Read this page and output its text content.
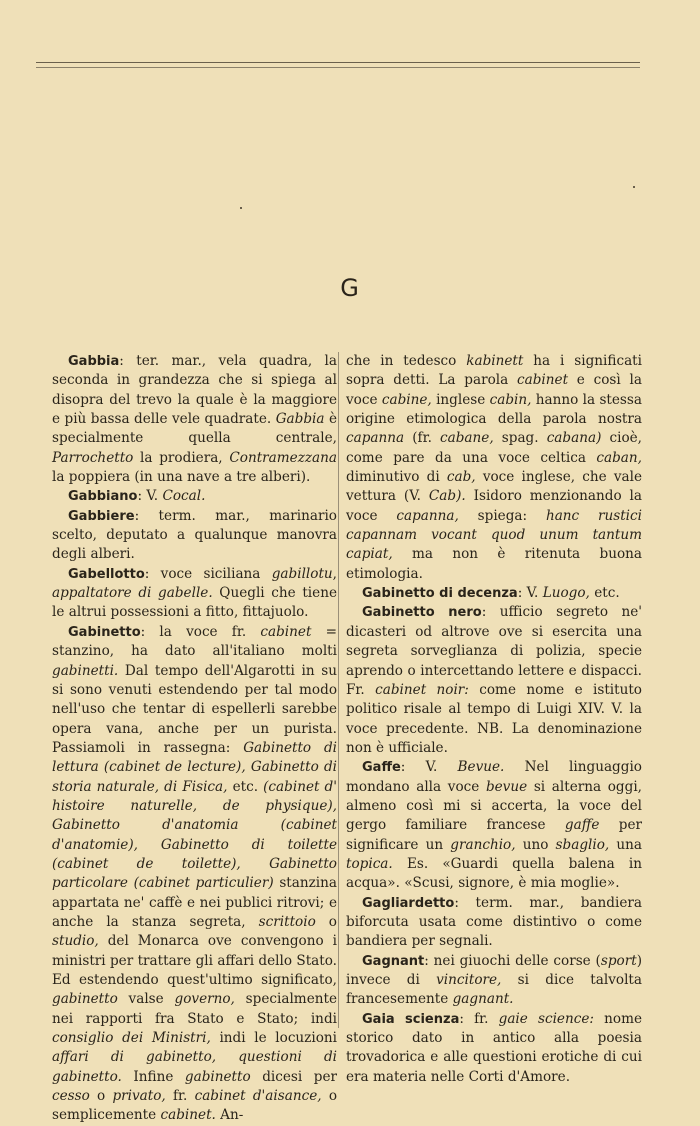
G

Gabbia: ter. mar., vela quadra, la seconda in grandezza che si spiega al disopra del trevo la quale è la maggiore e più bassa delle vele quadrate. Gabbia è specialmente quella centrale, Parrochetto la prodiera, Contramezzana la poppiera (in una nave a tre alberi).

Gabbiano: V. Cocal.

Gabbiere: term. mar., marinario scelto, deputato a qualunque manovra degli alberi.

Gabellotto: voce siciliana gabillotu, appaltatore di gabelle. Quegli che tiene le altrui possessioni a fitto, fittajuolo.

Gabinetto: la voce fr. cabinet = stanzino, ha dato all'italiano molti gabinetti. Dal tempo dell'Algarotti in su si sono venuti estendendo per tal modo nell'uso che tentar di espellerli sarebbe opera vana, anche per un purista. Passiamoli in rassegna: Gabinetto di lettura (cabinet de lecture), Gabinetto di storia naturale, di Fisica, etc. (cabinet d' histoire naturelle, de physique), Gabinetto d'anatomia (cabinet d'anatomie), Gabinetto di toilette (cabinet de toilette), Gabinetto particolare (cabinet particulier) stanzina appartata ne' caffè e nei publici ritrovi; e anche la stanza segreta, scrittoio o studio, del Monarca ove convengono i ministri per trattare gli affari dello Stato. Ed estendendo quest'ultimo significato, gabinetto valse governo, specialmente nei rapporti fra Stato e Stato; indi consiglio dei Ministri, indi le locuzioni affari di gabinetto, questioni di gabinetto. Infine gabinetto dicesi per cesso o privato, fr. cabinet d'aisance, o semplicemente cabinet. An-

che in tedesco kabinett ha i significati sopra detti. La parola cabinet e così la voce cabine, inglese cabin, hanno la stessa origine etimologica della parola nostra capanna (fr. cabane, spag. cabana) cioè, come pare da una voce celtica caban, diminutivo di cab, voce inglese, che vale vettura (V. Cab). Isidoro menzionando la voce capanna, spiega: hanc rustici capannam vocant quod unum tantum capiat, ma non è ritenuta buona etimologia.

Gabinetto di decenza: V. Luogo, etc.

Gabinetto nero: ufficio segreto ne' dicasteri od altrove ove si esercita una segreta sorveglianza di polizia, specie aprendo o intercettando lettere e dispacci. Fr. cabinet noir: come nome e istituto politico risale al tempo di Luigi XIV. V. la voce precedente. NB. La denominazione non è ufficiale.

Gaffe: V. Bevue. Nel linguaggio mondano alla voce bevue si alterna oggi, almeno così mi si accerta, la voce del gergo familiare francese gaffe per significare un granchio, uno sbaglio, una topica. Es. «Guardi quella balena in acqua». «Scusi, signore, è mia moglie».

Gagliardetto: term. mar., bandiera biforcuta usata come distintivo o come bandiera per segnali.

Gagnant: nei giuochi delle corse (sport) invece di vincitore, si dice talvolta francesemente gagnant.

Gaia scienza: fr. gaie science: nome storico dato in antico alla poesia trovadorica e alle questioni erotiche di cui era materia nelle Corti d'Amore.
